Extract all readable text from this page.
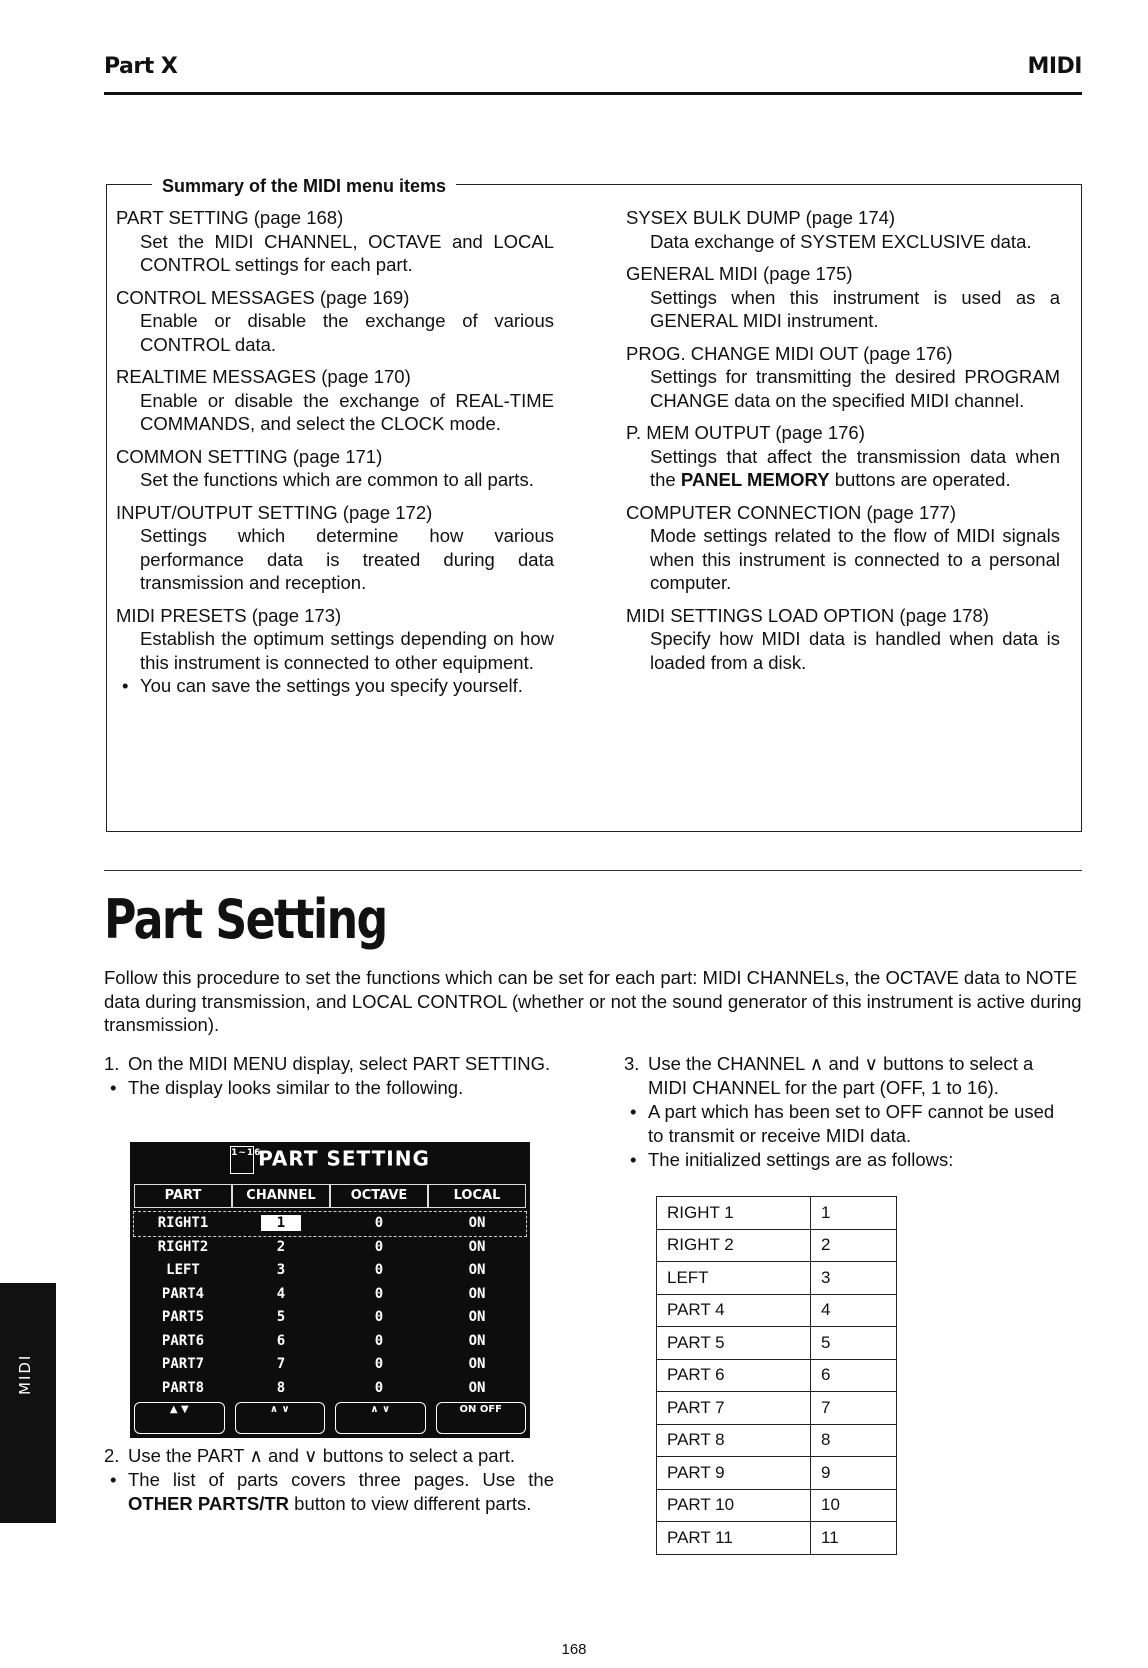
Part X	MIDI
Summary of the MIDI menu items
PART SETTING (page 168)
Set the MIDI CHANNEL, OCTAVE and LOCAL CONTROL settings for each part.
CONTROL MESSAGES (page 169)
Enable or disable the exchange of various CONTROL data.
REALTIME MESSAGES (page 170)
Enable or disable the exchange of REAL-TIME COMMANDS, and select the CLOCK mode.
COMMON SETTING (page 171)
Set the functions which are common to all parts.
INPUT/OUTPUT SETTING (page 172)
Settings which determine how various performance data is treated during data transmission and reception.
MIDI PRESETS (page 173)
Establish the optimum settings depending on how this instrument is connected to other equipment.
• You can save the settings you specify yourself.
SYSEX BULK DUMP (page 174)
Data exchange of SYSTEM EXCLUSIVE data.
GENERAL MIDI (page 175)
Settings when this instrument is used as a GENERAL MIDI instrument.
PROG. CHANGE MIDI OUT (page 176)
Settings for transmitting the desired PROGRAM CHANGE data on the specified MIDI channel.
P. MEM OUTPUT (page 176)
Settings that affect the transmission data when the PANEL MEMORY buttons are operated.
COMPUTER CONNECTION (page 177)
Mode settings related to the flow of MIDI signals when this instrument is connected to a personal computer.
MIDI SETTINGS LOAD OPTION (page 178)
Specify how MIDI data is handled when data is loaded from a disk.
Part Setting
Follow this procedure to set the functions which can be set for each part: MIDI CHANNELs, the OCTAVE data to NOTE data during transmission, and LOCAL CONTROL (whether or not the sound generator of this instrument is active during transmission).
1. On the MIDI MENU display, select PART SETTING.
• The display looks similar to the following.
1~16PART SETTING
PART	CHANNEL	OCTAVE	LOCAL
RIGHT1	1	0	ON
RIGHT2	2	0	ON
LEFT	3	0	ON
PART4	4	0	ON
PART5	5	0	ON
PART6	6	0	ON
PART7	7	0	ON
PART8	8	0	ON
▲ ▼	∧ ∨	∧ ∨	ON OFF
2. Use the PART ∧ and ∨ buttons to select a part.
• The list of parts covers three pages. Use the OTHER PARTS/TR button to view different parts.
3. Use the CHANNEL ∧ and ∨ buttons to select a MIDI CHANNEL for the part (OFF, 1 to 16).
• A part which has been set to OFF cannot be used to transmit or receive MIDI data.
• The initialized settings are as follows:
RIGHT 1	1
RIGHT 2	2
LEFT	3
PART 4	4
PART 5	5
PART 6	6
PART 7	7
PART 8	8
PART 9	9
PART 10	10
PART 11	11
MIDI
168
